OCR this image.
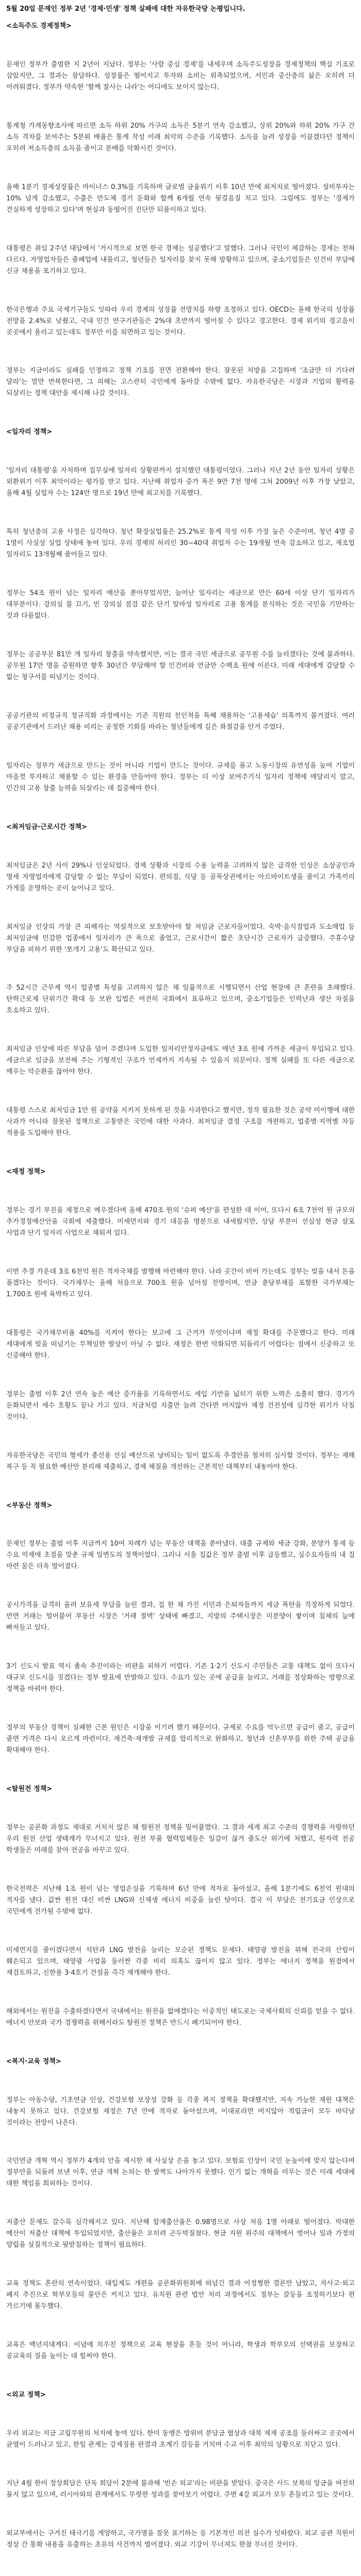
5월 20일 문재인 정부 2년 '경제·민생' 정책 실패에 대한 자유한국당 논평입니다.
<소득주도 경제정책>

문재인 정부가 출범한 지 2년이 지났다. 정부는 '사람 중심 경제'를 내세우며 소득주도성장을 경제정책의 핵심 기조로 삼았지만, 그 결과는 참담하다. 성장률은 떨어지고 투자와 소비는 위축되었으며, 서민과 중산층의 삶은 오히려 더 어려워졌다. 정부가 약속한 '함께 잘사는 나라'는 어디에도 보이지 않는다.

통계청 가계동향조사에 따르면 소득 하위 20% 가구의 소득은 5분기 연속 감소했고, 상위 20%와 하위 20% 가구 간 소득 격차를 보여주는 5분위 배율은 통계 작성 이래 최악의 수준을 기록했다. 소득을 늘려 성장을 이끌겠다던 정책이 오히려 저소득층의 소득을 줄이고 분배를 악화시킨 것이다.

올해 1분기 경제성장률은 마이너스 0.3%를 기록하며 글로벌 금융위기 이후 10년 만에 최저치로 떨어졌다. 설비투자는 10% 넘게 감소했고, 수출은 반도체 경기 둔화와 함께 6개월 연속 뒷걸음질 치고 있다. 그럼에도 정부는 '경제가 견실하게 성장하고 있다'며 현실과 동떨어진 진단만 되풀이하고 있다.

대통령은 취임 2주년 대담에서 '거시적으로 보면 한국 경제는 성공했다'고 말했다. 그러나 국민이 체감하는 경제는 전혀 다르다. 자영업자들은 줄폐업에 내몰리고, 청년들은 일자리를 찾지 못해 방황하고 있으며, 중소기업들은 인건비 부담에 신규 채용을 포기하고 있다.

한국은행과 주요 국제기구들도 잇따라 우리 경제의 성장률 전망치를 하향 조정하고 있다. OECD는 올해 한국의 성장률 전망을 2.4%로 낮췄고, 국내 민간 연구기관들은 2%대 초반까지 떨어질 수 있다고 경고한다. 경제 위기의 경고음이 곳곳에서 울리고 있는데도 정부만 이를 외면하고 있는 것이다.

정부는 지금이라도 실패를 인정하고 정책 기조를 전면 전환해야 한다. 잘못된 처방을 고집하며 '조금만 더 기다려 달라'는 말만 반복한다면, 그 피해는 고스란히 국민에게 돌아갈 수밖에 없다. 자유한국당은 시장과 기업의 활력을 되살리는 정책 대안을 제시해 나갈 것이다.

<일자리 정책>

'일자리 대통령'을 자처하며 집무실에 일자리 상황판까지 설치했던 대통령이었다. 그러나 지난 2년 동안 일자리 상황은 외환위기 이후 최악이라는 평가를 받고 있다. 지난해 취업자 증가 폭은 9만 7천 명에 그쳐 2009년 이후 가장 낮았고, 올해 4월 실업자 수는 124만 명으로 19년 만에 최고치를 기록했다.

특히 청년층의 고용 사정은 심각하다. 청년 확장실업률은 25.2%로 통계 작성 이후 가장 높은 수준이며, 청년 4명 중 1명이 사실상 실업 상태에 놓여 있다. 우리 경제의 허리인 30~40대 취업자 수는 19개월 연속 감소하고 있고, 제조업 일자리도 13개월째 줄어들고 있다.

정부는 54조 원이 넘는 일자리 예산을 쏟아부었지만, 늘어난 일자리는 세금으로 만든 60세 이상 단기 일자리가 대부분이다. 강의실 불 끄기, 빈 강의실 점검 같은 단기 알바성 일자리로 고용 통계를 분식하는 것은 국민을 기만하는 것과 다름없다.

정부는 공공부문 81만 개 일자리 창출을 약속했지만, 이는 결국 국민 세금으로 공무원 수를 늘리겠다는 것에 불과하다. 공무원 17만 명을 증원하면 향후 30년간 부담해야 할 인건비와 연금만 수백조 원에 이른다. 미래 세대에게 감당할 수 없는 청구서를 떠넘기는 것이다.

공공기관의 비정규직 정규직화 과정에서는 기존 직원의 친인척을 특혜 채용하는 '고용세습' 의혹까지 불거졌다. 여러 공공기관에서 드러난 채용 비리는 공정한 기회를 바라는 청년들에게 깊은 좌절감을 안겨 주었다.

일자리는 정부가 세금으로 만드는 것이 아니라 기업이 만드는 것이다. 규제를 풀고 노동시장의 유연성을 높여 기업이 마음껏 투자하고 채용할 수 있는 환경을 만들어야 한다. 정부는 더 이상 보여주기식 일자리 정책에 매달리지 말고, 민간의 고용 창출 능력을 되살리는 데 집중해야 한다.

<최저임금·근로시간 정책>

최저임금은 2년 사이 29%나 인상되었다. 경제 상황과 시장의 수용 능력을 고려하지 않은 급격한 인상은 소상공인과 영세 자영업자에게 감당할 수 없는 부담이 되었다. 편의점, 식당 등 골목상권에서는 아르바이트생을 줄이고 가족끼리 가게를 운영하는 곳이 늘어나고 있다.

최저임금 인상의 가장 큰 피해자는 역설적으로 보호받아야 할 저임금 근로자들이었다. 숙박·음식점업과 도소매업 등 최저임금에 민감한 업종에서 일자리가 큰 폭으로 줄었고, 근로시간이 짧은 초단시간 근로자가 급증했다. 주휴수당 부담을 피하기 위한 '쪼개기 고용'도 확산되고 있다.

주 52시간 근무제 역시 업종별 특성을 고려하지 않은 채 일률적으로 시행되면서 산업 현장에 큰 혼란을 초래했다. 탄력근로제 단위기간 확대 등 보완 입법은 여전히 국회에서 표류하고 있으며, 중소기업들은 인력난과 생산 차질을 호소하고 있다.

최저임금 인상에 따른 부담을 덜어 주겠다며 도입한 일자리안정자금에도 매년 3조 원에 가까운 세금이 투입되고 있다. 세금으로 임금을 보전해 주는 기형적인 구조가 언제까지 지속될 수 있을지 의문이다. 정책 실패를 또 다른 세금으로 메우는 악순환을 끊어야 한다.

대통령 스스로 최저임금 1만 원 공약을 지키지 못하게 된 것을 사과한다고 했지만, 정작 필요한 것은 공약 미이행에 대한 사과가 아니라 잘못된 정책으로 고통받은 국민에 대한 사과다. 최저임금 결정 구조를 개편하고, 업종별·지역별 차등 적용을 도입해야 한다.

<재정 정책>

정부는 경기 부진을 재정으로 메우겠다며 올해 470조 원의 '슈퍼 예산'을 편성한 데 이어, 또다시 6조 7천억 원 규모의 추가경정예산안을 국회에 제출했다. 미세먼지와 경기 대응을 명분으로 내세웠지만, 상당 부분이 선심성 현금 살포 사업과 단기 일자리 사업으로 채워져 있다.

이번 추경 가운데 3조 6천억 원은 적자국채를 발행해 마련해야 한다. 나라 곳간이 비어 가는데도 정부는 빚을 내서 돈을 풀겠다는 것이다. 국가채무는 올해 처음으로 700조 원을 넘어설 전망이며, 연금 충당부채를 포함한 국가부채는 1,700조 원에 육박하고 있다.

대통령은 국가채무비율 40%를 지켜야 한다는 보고에 그 근거가 무엇이냐며 재정 확대를 주문했다고 한다. 미래 세대에게 빚을 떠넘기는 무책임한 발상이 아닐 수 없다. 재정은 한번 악화되면 되돌리기 어렵다는 점에서 신중하고 또 신중해야 한다.

정부는 출범 이후 2년 연속 높은 예산 증가율을 기록하면서도 세입 기반을 넓히기 위한 노력은 소홀히 했다. 경기가 둔화되면서 세수 호황도 끝나 가고 있다. 지금처럼 지출만 늘려 간다면 머지않아 재정 건전성에 심각한 위기가 닥칠 것이다.

자유한국당은 국민의 혈세가 총선용 선심 예산으로 낭비되는 일이 없도록 추경안을 철저히 심사할 것이다. 정부는 재해 복구 등 꼭 필요한 예산만 분리해 제출하고, 경제 체질을 개선하는 근본적인 대책부터 내놓아야 한다.

<부동산 정책>

문재인 정부는 출범 이후 지금까지 10여 차례가 넘는 부동산 대책을 쏟아냈다. 대출 규제와 세금 강화, 분양가 통제 등 수요 억제에 초점을 맞춘 규제 일변도의 정책이었다. 그러나 서울 집값은 정부 출범 이후 급등했고, 실수요자들의 내 집 마련 꿈은 더욱 멀어졌다.

공시가격을 급격히 올려 보유세 부담을 늘린 결과, 집 한 채 가진 서민과 은퇴자들까지 세금 폭탄을 걱정하게 되었다. 반면 거래는 얼어붙어 부동산 시장은 '거래 절벽' 상태에 빠졌고, 지방의 주택시장은 미분양이 쌓이며 침체의 늪에 빠져들고 있다.

3기 신도시 발표 역시 졸속 추진이라는 비판을 피하기 어렵다. 기존 1·2기 신도시 주민들은 교통 대책도 없이 또다시 대규모 신도시를 짓겠다는 정부 발표에 반발하고 있다. 수요가 있는 곳에 공급을 늘리고, 거래를 정상화하는 방향으로 정책을 바꿔야 한다.

정부의 부동산 정책이 실패한 근본 원인은 시장을 이기려 했기 때문이다. 규제로 수요를 억누르면 공급이 줄고, 공급이 줄면 가격은 다시 오르게 마련이다. 재건축·재개발 규제를 합리적으로 완화하고, 청년과 신혼부부를 위한 주택 공급을 확대해야 한다.

<탈원전 정책>

정부는 공론화 과정도 제대로 거치지 않은 채 탈원전 정책을 밀어붙였다. 그 결과 세계 최고 수준의 경쟁력을 자랑하던 우리 원전 산업 생태계가 무너지고 있다. 원전 부품 협력업체들은 일감이 끊겨 줄도산 위기에 처했고, 원자력 전공 학생들은 미래를 찾아 전공을 바꾸고 있다.

한국전력은 지난해 1조 원이 넘는 영업손실을 기록하며 6년 만에 적자로 돌아섰고, 올해 1분기에도 6천억 원대의 적자를 냈다. 값싼 원전 대신 비싼 LNG와 신재생 에너지 비중을 늘린 탓이다. 결국 이 부담은 전기요금 인상으로 국민에게 전가될 수밖에 없다.

미세먼지를 줄이겠다면서 석탄과 LNG 발전을 늘리는 모순된 정책도 문제다. 태양광 발전을 위해 전국의 산림이 훼손되고 있으며, 태양광 사업을 둘러싼 각종 비리 의혹도 끊이지 않고 있다. 정부는 에너지 정책을 원점에서 재검토하고, 신한울 3·4호기 건설을 즉각 재개해야 한다.

해외에서는 원전을 수출하겠다면서 국내에서는 원전을 없애겠다는 이중적인 태도로는 국제사회의 신뢰를 얻을 수 없다. 에너지 안보와 국가 경쟁력을 위해서라도 탈원전 정책은 반드시 폐기되어야 한다.

<복지·교육 정책>

정부는 아동수당, 기초연금 인상, 건강보험 보장성 강화 등 각종 복지 정책을 확대했지만, 지속 가능한 재원 대책은 내놓지 못하고 있다. 건강보험 재정은 7년 만에 적자로 돌아섰으며, 이대로라면 머지않아 적립금이 모두 바닥날 것이라는 전망이 나온다.

국민연금 개혁 역시 정부가 4개의 안을 제시한 채 사실상 손을 놓고 있다. 보험료 인상이 국민 눈높이에 맞지 않는다며 정부안을 되돌려 보낸 이후, 연금 개혁 논의는 한 발짝도 나아가지 못했다. 인기 없는 개혁을 미루는 것은 미래 세대에 대한 책임을 회피하는 것이다.

저출산 문제도 갈수록 심각해지고 있다. 지난해 합계출산율은 0.98명으로 사상 처음 1명 아래로 떨어졌다. 막대한 예산이 저출산 대책에 투입되었지만, 출산율은 오히려 곤두박질쳤다. 현금 지원 위주의 대책에서 벗어나 일과 가정의 양립을 실질적으로 뒷받침하는 정책이 필요하다.

교육 정책도 혼란의 연속이었다. 대입제도 개편을 공론화위원회에 떠넘긴 결과 어정쩡한 결론만 남았고, 자사고·외고 폐지 추진으로 학부모들의 불안은 커지고 있다. 유치원 관련 법안 처리 과정에서도 정부는 갈등을 조정하기보다 편 가르기에 몰두했다.

교육은 백년지대계다. 이념에 치우친 정책으로 교육 현장을 흔들 것이 아니라, 학생과 학부모의 선택권을 보장하고 공교육의 질을 높이는 데 힘써야 한다.

<외교 정책>

우리 외교는 지금 고립무원의 처지에 놓여 있다. 한미 동맹은 방위비 분담금 협상과 대북 제재 공조를 둘러싸고 곳곳에서 균열이 드러나고 있고, 한일 관계는 강제징용 판결과 초계기 갈등을 거치며 수교 이후 최악의 상황으로 치닫고 있다.

지난 4월 한미 정상회담은 단독 회담이 2분에 불과해 '빈손 외교'라는 비판을 받았다. 중국은 사드 보복의 앙금을 여전히 풀지 않고 있으며, 러시아와의 관계에서도 뚜렷한 성과를 찾아보기 어렵다. 주변 4강 외교가 모두 흔들리고 있는 것이다.

외교부에서는 구겨진 태극기를 게양하고, 국가명을 잘못 표기하는 등 기본적인 의전 실수가 잇따랐다. 외교 공관 직원이 정상 간 통화 내용을 유출하는 초유의 사건까지 벌어졌다. 외교 기강이 무너져도 한참 무너진 것이다.
